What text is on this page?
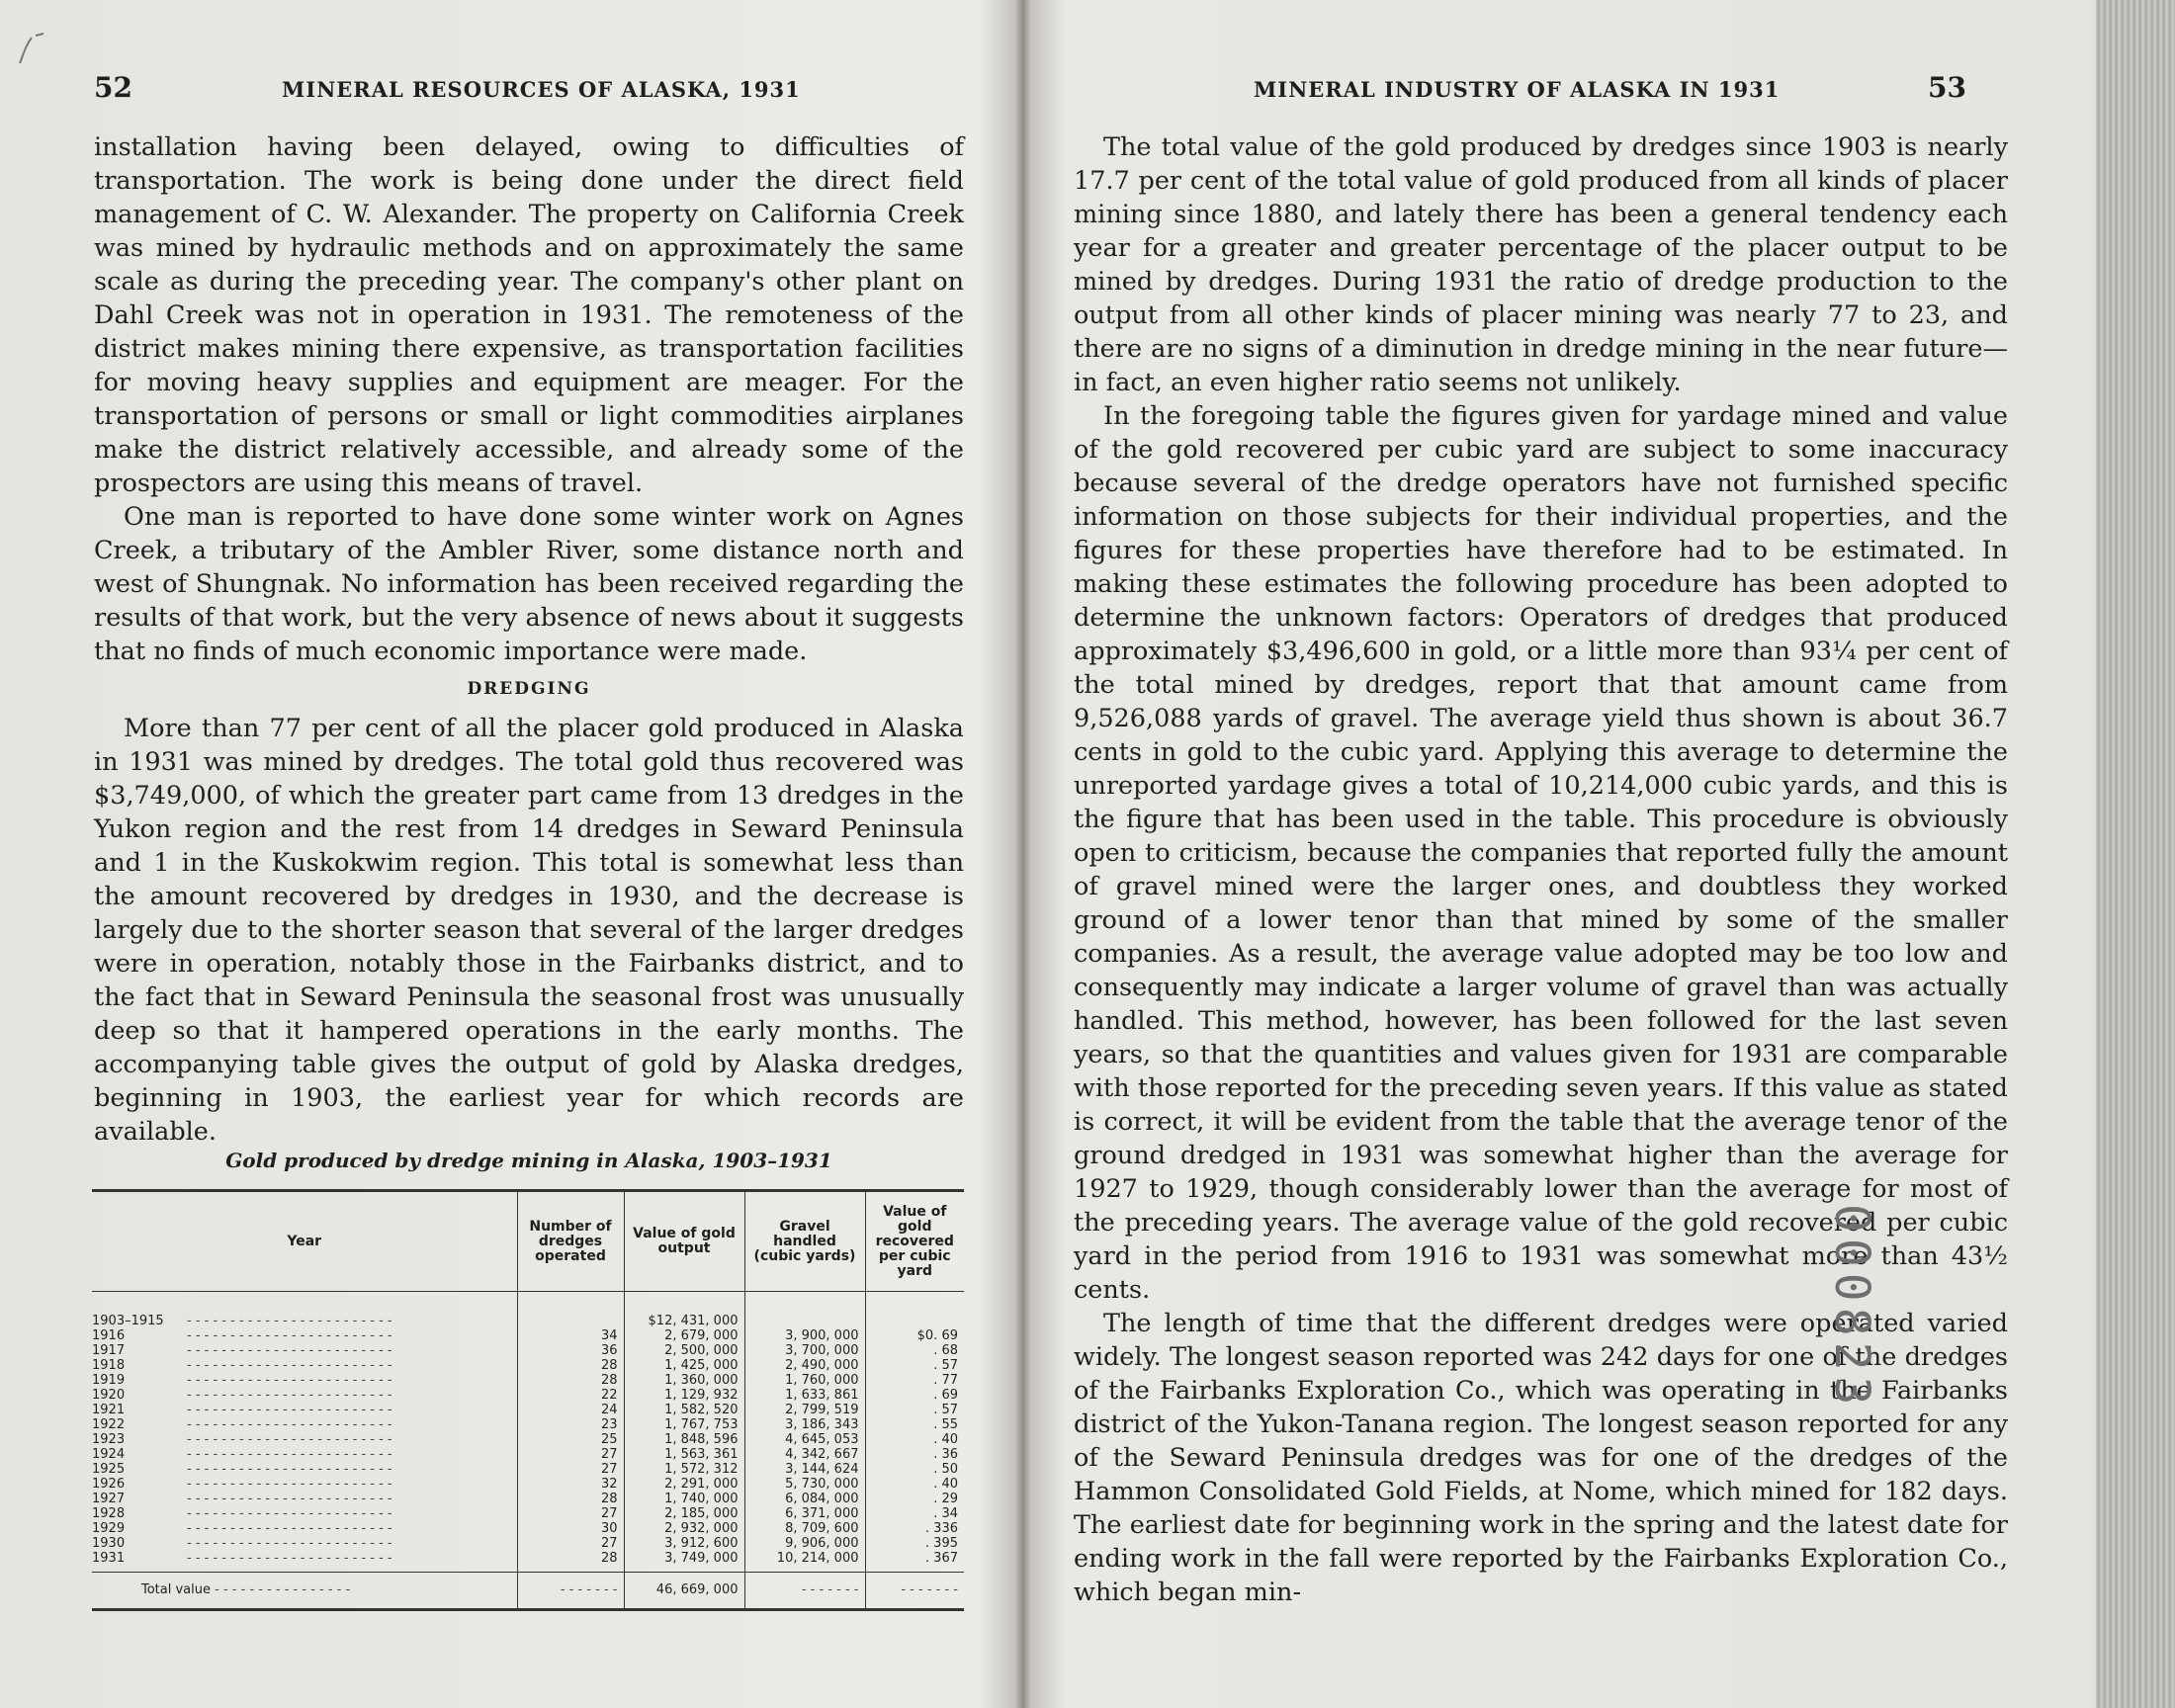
52	MINERAL RESOURCES OF ALASKA, 1931

installation having been delayed, owing to difficulties of transportation. The work is being done under the direct field management of C. W. Alexander. The property on California Creek was mined by hydraulic methods and on approximately the same scale as during the preceding year. The company's other plant on Dahl Creek was not in operation in 1931. The remoteness of the district makes mining there expensive, as transportation facilities for moving heavy supplies and equipment are meager. For the transportation of persons or small or light commodities airplanes make the district relatively accessible, and already some of the prospectors are using this means of travel.

One man is reported to have done some winter work on Agnes Creek, a tributary of the Ambler River, some distance north and west of Shungnak. No information has been received regarding the results of that work, but the very absence of news about it suggests that no finds of much economic importance were made.

DREDGING

More than 77 per cent of all the placer gold produced in Alaska in 1931 was mined by dredges. The total gold thus recovered was $3,749,000, of which the greater part came from 13 dredges in the Yukon region and the rest from 14 dredges in Seward Peninsula and 1 in the Kuskokwim region. This total is somewhat less than the amount recovered by dredges in 1930, and the decrease is largely due to the shorter season that several of the larger dredges were in operation, notably those in the Fairbanks district, and to the fact that in Seward Peninsula the seasonal frost was unusually deep so that it hampered operations in the early months. The accompanying table gives the output of gold by Alaska dredges, beginning in 1903, the earliest year for which records are available.

Gold produced by dredge mining in Alaska, 1903–1931
Year	Number of dredges operated	Value of gold output	Gravel handled (cubic yards)	Value of gold recovered per cubic yard
1903–1915 - - - - - - - - - - - - - - - - - - - - - - - -		$12, 431, 000		
1916 - - - - - - - - - - - - - - - - - - - - - - - -	34	2, 679, 000	3, 900, 000	$0. 69
1917 - - - - - - - - - - - - - - - - - - - - - - - -	36	2, 500, 000	3, 700, 000	. 68
1918 - - - - - - - - - - - - - - - - - - - - - - - -	28	1, 425, 000	2, 490, 000	. 57
1919 - - - - - - - - - - - - - - - - - - - - - - - -	28	1, 360, 000	1, 760, 000	. 77
1920 - - - - - - - - - - - - - - - - - - - - - - - -	22	1, 129, 932	1, 633, 861	. 69
1921 - - - - - - - - - - - - - - - - - - - - - - - -	24	1, 582, 520	2, 799, 519	. 57
1922 - - - - - - - - - - - - - - - - - - - - - - - -	23	1, 767, 753	3, 186, 343	. 55
1923 - - - - - - - - - - - - - - - - - - - - - - - -	25	1, 848, 596	4, 645, 053	. 40
1924 - - - - - - - - - - - - - - - - - - - - - - - -	27	1, 563, 361	4, 342, 667	. 36
1925 - - - - - - - - - - - - - - - - - - - - - - - -	27	1, 572, 312	3, 144, 624	. 50
1926 - - - - - - - - - - - - - - - - - - - - - - - -	32	2, 291, 000	5, 730, 000	. 40
1927 - - - - - - - - - - - - - - - - - - - - - - - -	28	1, 740, 000	6, 084, 000	. 29
1928 - - - - - - - - - - - - - - - - - - - - - - - -	27	2, 185, 000	6, 371, 000	. 34
1929 - - - - - - - - - - - - - - - - - - - - - - - -	30	2, 932, 000	8, 709, 600	. 336
1930 - - - - - - - - - - - - - - - - - - - - - - - -	27	3, 912, 600	9, 906, 000	. 395
1931 - - - - - - - - - - - - - - - - - - - - - - - -	28	3, 749, 000	10, 214, 000	. 367
Total value - - - - - - - - - - - - - - - -	- - - - - - -	46, 669, 000	- - - - - - -	- - - - - - -
MINERAL INDUSTRY OF ALASKA IN 1931	53

The total value of the gold produced by dredges since 1903 is nearly 17.7 per cent of the total value of gold produced from all kinds of placer mining since 1880, and lately there has been a general tendency each year for a greater and greater percentage of the placer output to be mined by dredges. During 1931 the ratio of dredge production to the output from all other kinds of placer mining was nearly 77 to 23, and there are no signs of a diminution in dredge mining in the near future—in fact, an even higher ratio seems not unlikely.

In the foregoing table the figures given for yardage mined and value of the gold recovered per cubic yard are subject to some inaccuracy because several of the dredge operators have not furnished specific information on those subjects for their individual properties, and the figures for these properties have therefore had to be estimated. In making these estimates the following procedure has been adopted to determine the unknown factors: Operators of dredges that produced approximately $3,496,600 in gold, or a little more than 93¼ per cent of the total mined by dredges, report that that amount came from 9,526,088 yards of gravel. The average yield thus shown is about 36.7 cents in gold to the cubic yard. Applying this average to determine the unreported yardage gives a total of 10,214,000 cubic yards, and this is the figure that has been used in the table. This procedure is obviously open to criticism, because the companies that reported fully the amount of gravel mined were the larger ones, and doubtless they worked ground of a lower tenor than that mined by some of the smaller companies. As a result, the average value adopted may be too low and consequently may indicate a larger volume of gravel than was actually handled. This method, however, has been followed for the last seven years, so that the quantities and values given for 1931 are comparable with those reported for the preceding seven years. If this value as stated is correct, it will be evident from the table that the average tenor of the ground dredged in 1931 was somewhat higher than the average for 1927 to 1929, though considerably lower than the average for most of the preceding years. The average value of the gold recovered per cubic yard in the period from 1916 to 1931 was somewhat more than 43½ cents.

The length of time that the different dredges were operated varied widely. The longest season reported was 242 days for one of the dredges of the Fairbanks Exploration Co., which was operating in the Fairbanks district of the Yukon-Tanana region. The longest season reported for any of the Seward Peninsula dredges was for one of the dredges of the Hammon Consolidated Gold Fields, at Nome, which mined for 182 days. The earliest date for beginning work in the spring and the latest date for ending work in the fall were reported by the Fairbanks Exploration Co., which began min-

000823
